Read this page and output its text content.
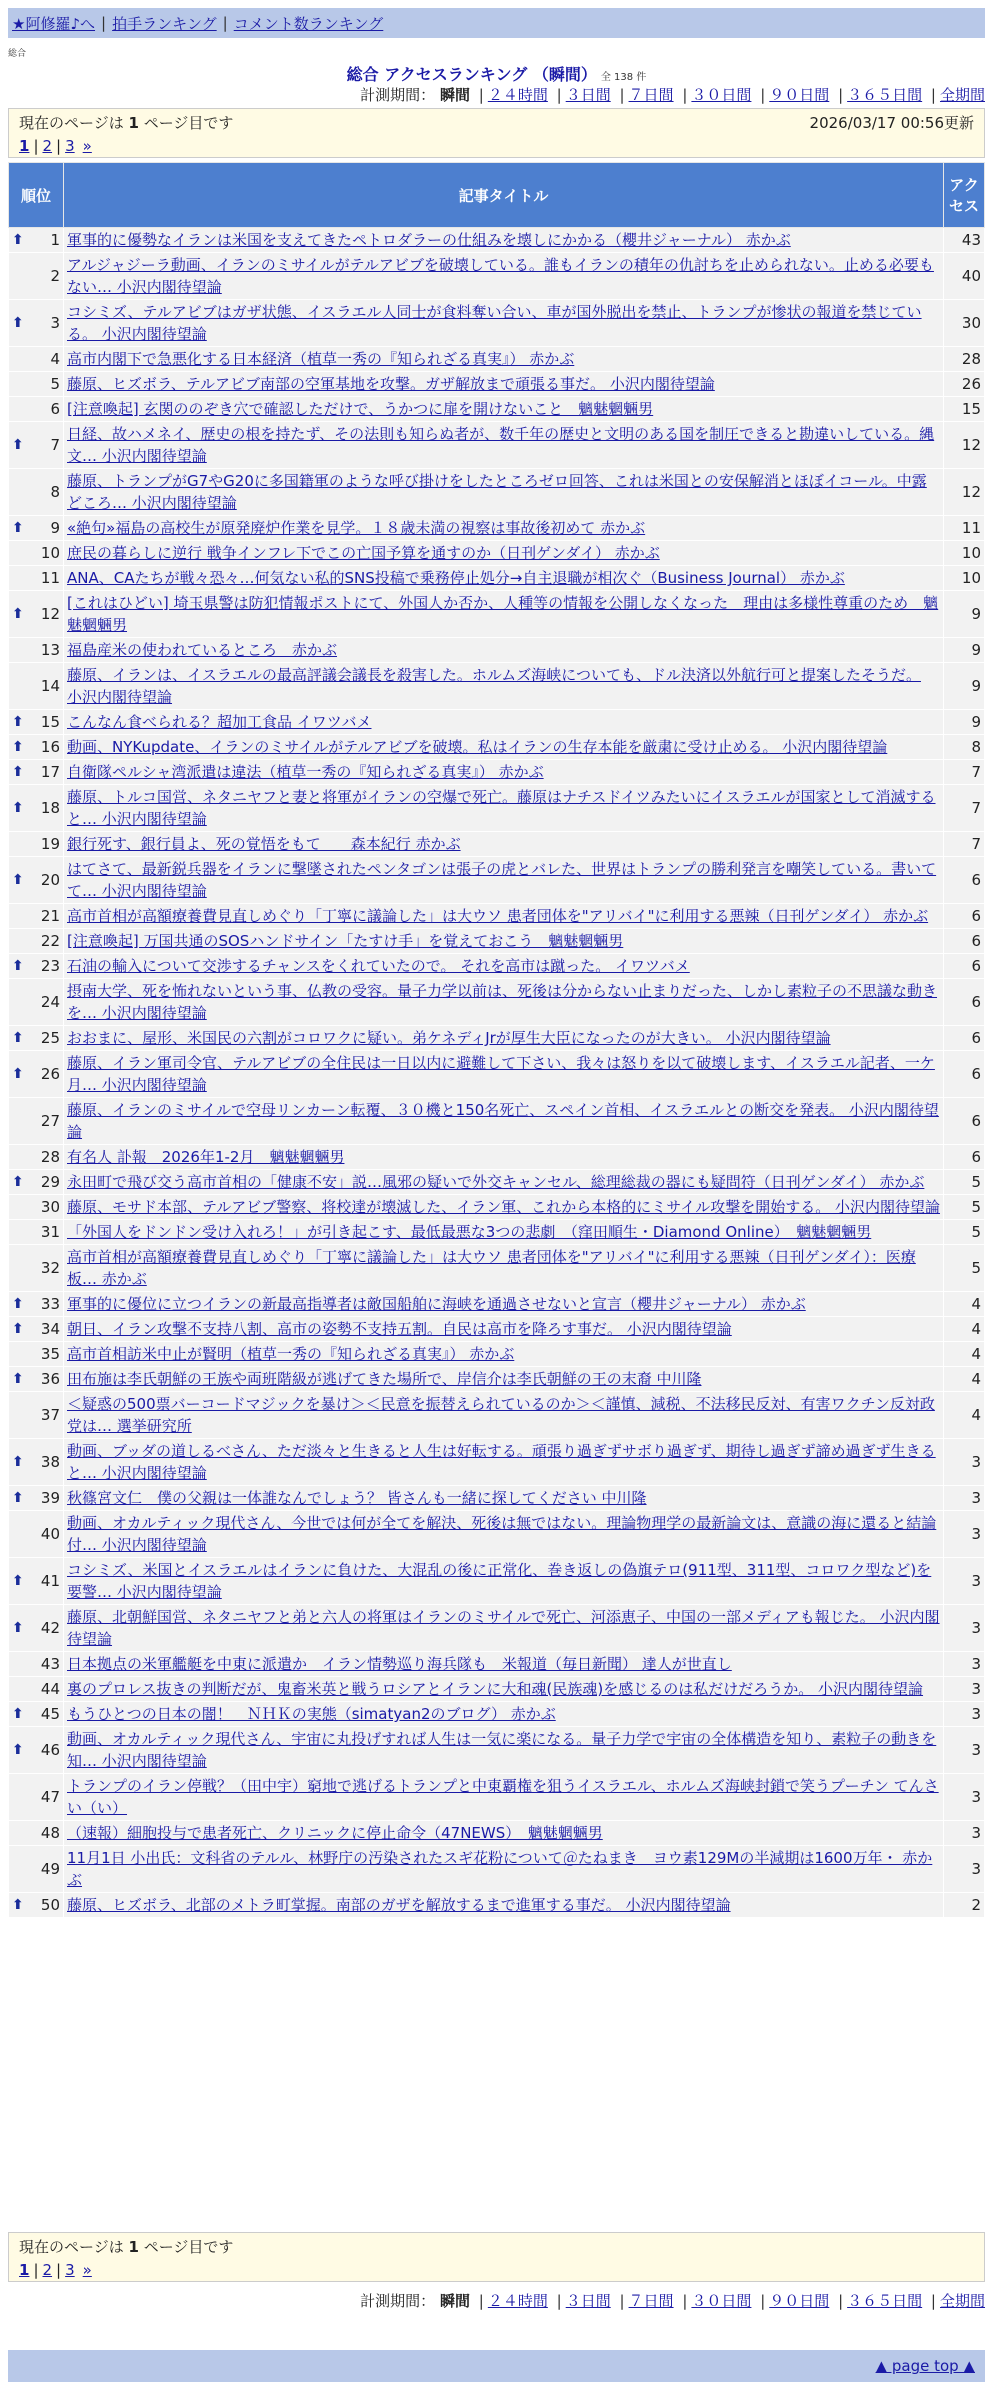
★阿修羅♪へ | 拍手ランキング | コメント数ランキング
総合
総合 アクセスランキング （瞬間） 全 138 件
計測期間： 瞬間 | ２４時間 | ３日間 | ７日間 | ３０日間 | ９０日間 | ３６５日間 | 全期間
現在のページは 1 ページ目です	2026/03/17 00:56更新
1 | 2 | 3 »
順位	記事タイトル	アクセス

⬆ 1	軍事的に優勢なイランは米国を支えてきたペトロダラーの仕組みを壊しにかかる（櫻井ジャーナル） 赤かぶ	43
2	アルジャジーラ動画、イランのミサイルがテルアビブを破壊している。誰もイランの積年の仇討ちを止められない。止める必要もない… 小沢内閣待望論	40

⬆ 3	コシミズ、テルアビブはガザ状態、イスラエル人同士が食料奪い合い、車が国外脱出を禁止、トランプが惨状の報道を禁じている。 小沢内閣待望論	30
4	高市内閣下で急悪化する日本経済（植草一秀の『知られざる真実』） 赤かぶ	28
5	藤原、ヒズボラ、テルアビブ南部の空軍基地を攻撃。ガザ解放まで頑張る事だ。 小沢内閣待望論	26
6	[注意喚起] 玄関ののぞき穴で確認しただけで、うかつに扉を開けないこと　魑魅魍魎男	15

⬆ 7	日経、故ハメネイ、歴史の根を持たず、その法則も知らぬ者が、数千年の歴史と文明のある国を制圧できると勘違いしている。縄文… 小沢内閣待望論	12
8	藤原、トランプがG7やG20に多国籍軍のような呼び掛けをしたところゼロ回答、これは米国との安保解消とほぼイコール。中露どころ… 小沢内閣待望論	12

⬆ 9	«絶句»福島の高校生が原発廃炉作業を見学。１８歳未満の視察は事故後初めて 赤かぶ	11
10	庶民の暮らしに逆行 戦争インフレ下でこの亡国予算を通すのか（日刊ゲンダイ） 赤かぶ	10
11	ANA、CAたちが戦々恐々…何気ない私的SNS投稿で乗務停止処分→自主退職が相次ぐ（Business Journal） 赤かぶ	10

⬆ 12	[これはひどい] 埼玉県警は防犯情報ポストにて、外国人か否か、人種等の情報を公開しなくなった　理由は多様性尊重のため　魑魅魍魎男	9
13	福島産米の使われているところ　赤かぶ	9
14	藤原、イランは、イスラエルの最高評議会議長を殺害した。ホルムズ海峡についても、ドル決済以外航行可と提案したそうだ。 小沢内閣待望論	9

⬆ 15	こんなん食べられる？超加工食品 イワツバメ	9

⬆ 16	動画、NYKupdate、イランのミサイルがテルアビブを破壊。私はイランの生存本能を厳粛に受け止める。 小沢内閣待望論	8

⬆ 17	自衛隊ペルシャ湾派遣は違法（植草一秀の『知られざる真実』） 赤かぶ	7

⬆ 18	藤原、トルコ国営、ネタニヤフと妻と将軍がイランの空爆で死亡。藤原はナチスドイツみたいにイスラエルが国家として消滅すると… 小沢内閣待望論	7
19	銀行死す、銀行員よ、死の覚悟をもて　　森本紀行 赤かぶ	7

⬆ 20	はてさて、最新鋭兵器をイランに撃墜されたペンタゴンは張子の虎とバレた、世界はトランプの勝利発言を嘲笑している。書いてて… 小沢内閣待望論	6
21	高市首相が高額療養費見直しめぐり「丁寧に議論した」は大ウソ 患者団体を"アリバイ"に利用する悪辣（日刊ゲンダイ） 赤かぶ	6
22	[注意喚起] 万国共通のSOSハンドサイン「たすけ手」を覚えておこう　魑魅魍魎男	6

⬆ 23	石油の輸入について交渉するチャンスをくれていたので。 それを高市は蹴った。 イワツバメ	6
24	摂南大学、死を怖れないという事、仏教の受容。量子力学以前は、死後は分からない止まりだった、しかし素粒子の不思議な動きを… 小沢内閣待望論	6

⬆ 25	おおまに、屋形、米国民の六割がコロワクに疑い。弟ケネディJrが厚生大臣になったのが大きい。 小沢内閣待望論	6

⬆ 26	藤原、イラン軍司令官、テルアビブの全住民は一日以内に避難して下さい、我々は怒りを以て破壊します、イスラエル記者、一ケ月… 小沢内閣待望論	6
27	藤原、イランのミサイルで空母リンカーン転覆、３０機と150名死亡、スペイン首相、イスラエルとの断交を発表。 小沢内閣待望論	6
28	有名人 訃報　2026年1-2月　魑魅魍魎男	6

⬆ 29	永田町で飛び交う高市首相の「健康不安」説…風邪の疑いで外交キャンセル、総理総裁の器にも疑問符（日刊ゲンダイ） 赤かぶ	5
30	藤原、モサド本部、テルアビブ警察、将校達が壊滅した、イラン軍、これから本格的にミサイル攻撃を開始する。 小沢内閣待望論	5
31	「外国人をドンドン受け入れろ！」が引き起こす、最低最悪な3つの悲劇　（窪田順生・Diamond Online）　魑魅魍魎男	5
32	高市首相が高額療養費見直しめぐり「丁寧に議論した」は大ウソ 患者団体を"アリバイ"に利用する悪辣（日刊ゲンダイ）：医療板… 赤かぶ	5

⬆ 33	軍事的に優位に立つイランの新最高指導者は敵国船舶に海峡を通過させないと宣言（櫻井ジャーナル） 赤かぶ	4

⬆ 34	朝日、イラン攻撃不支持八割、高市の姿勢不支持五割。自民は高市を降ろす事だ。 小沢内閣待望論	4
35	高市首相訪米中止が賢明（植草一秀の『知られざる真実』） 赤かぶ	4

⬆ 36	田布施は李氏朝鮮の王族や両班階級が逃げてきた場所で、岸信介は李氏朝鮮の王の末裔 中川隆	4
37	＜疑惑の500票バーコードマジックを暴け＞＜民意を振替えられているのか＞＜謹慎、減税、不法移民反対、有害ワクチン反対政党は… 選挙研究所	4

⬆ 38	動画、ブッダの道しるべさん、ただ淡々と生きると人生は好転する。頑張り過ぎずサボり過ぎず、期待し過ぎず諦め過ぎず生きると… 小沢内閣待望論	3

⬆ 39	秋篠宮文仁　僕の父親は一体誰なんでしょう？ 皆さんも一緒に探してください 中川隆	3
40	動画、オカルティック現代さん、今世では何が全てを解決、死後は無ではない。理論物理学の最新論文は、意識の海に還ると結論付… 小沢内閣待望論	3

⬆ 41	コシミズ、米国とイスラエルはイランに負けた、大混乱の後に正常化、巻き返しの偽旗テロ(911型、311型、コロワク型など)を要警… 小沢内閣待望論	3

⬆ 42	藤原、北朝鮮国営、ネタニヤフと弟と六人の将軍はイランのミサイルで死亡、河添恵子、中国の一部メディアも報じた。 小沢内閣待望論	3
43	日本拠点の米軍艦艇を中東に派遣か　イラン情勢巡り海兵隊も　米報道（毎日新聞） 達人が世直し	3
44	裏のプロレス抜きの判断だが、鬼畜米英と戦うロシアとイランに大和魂(民族魂)を感じるのは私だけだろうか。 小沢内閣待望論	3

⬆ 45	もうひとつの日本の闇！　ＮＨＫの実態（simatyan2のブログ） 赤かぶ	3

⬆ 46	動画、オカルティック現代さん、宇宙に丸投げすれば人生は一気に楽になる。量子力学で宇宙の全体構造を知り、素粒子の動きを知… 小沢内閣待望論	3
47	トランプのイラン停戦？（田中宇）窮地で逃げるトランプと中東覇権を狙うイスラエル、ホルムズ海峡封鎖で笑うプーチン てんさい（い）	3
48	（速報）細胞投与で患者死亡、クリニックに停止命令（47NEWS）　魑魅魍魎男	3
49	11月1日 小出氏：文科省のテルル、林野庁の汚染されたスギ花粉について＠たねまき　ヨウ素129Mの半減期は1600万年・ 赤かぶ	3

⬆ 50	藤原、ヒズボラ、北部のメトラ町掌握。南部のガザを解放するまで進軍する事だ。 小沢内閣待望論	2
現在のページは 1 ページ目です
1 | 2 | 3 »
計測期間： 瞬間 | ２４時間 | ３日間 | ７日間 | ３０日間 | ９０日間 | ３６５日間 | 全期間
▲ page top ▲
